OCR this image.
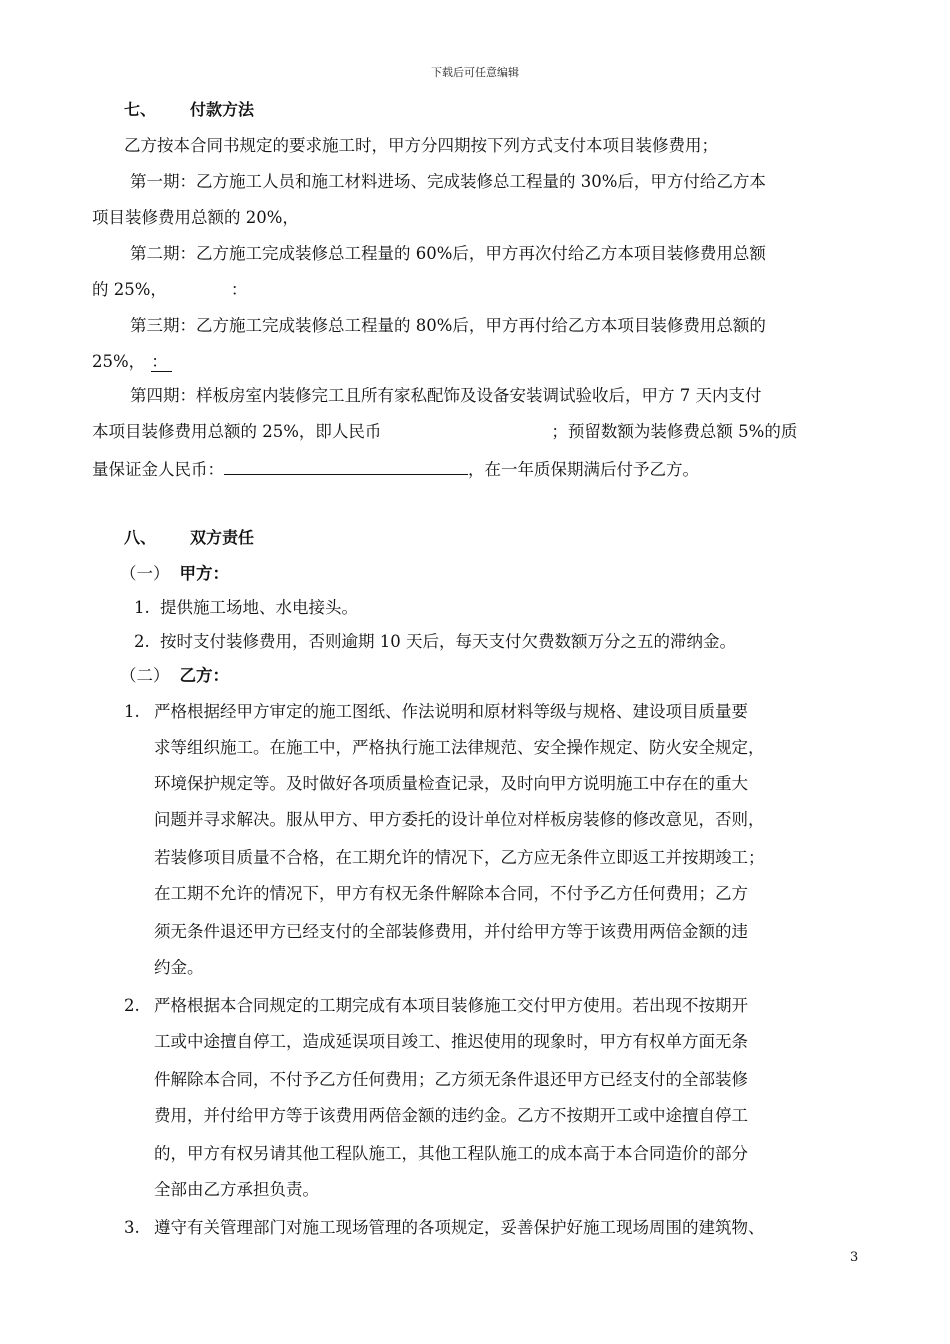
下载后可任意编辑
七、 付款方法
乙方按本合同书规定的要求施工时，甲方分四期按下列方式支付本项目装修费用；
第一期：乙方施工人员和施工材料进场、完成装修总工程量的 30%后，甲方付给乙方本
项目装修费用总额的 20%，
第二期：乙方施工完成装修总工程量的 60%后，甲方再次付给乙方本项目装修费用总额
的 25%，	：
第三期：乙方施工完成装修总工程量的 80%后，甲方再付给乙方本项目装修费用总额的
25%， ：
第四期：样板房室内装修完工且所有家私配饰及设备安装调试验收后，甲方 7 天内支付
本项目装修费用总额的 25%，即人民币	；预留数额为装修费总额 5%的质
量保证金人民币：	，在一年质保期满后付予乙方。
八、 双方责任
（一） 甲方：
1. 提供施工场地、水电接头。
2. 按时支付装修费用，否则逾期 10 天后，每天支付欠费数额万分之五的滞纳金。
（二） 乙方：
1. 严格根据经甲方审定的施工图纸、作法说明和原材料等级与规格、建设项目质量要
求等组织施工。在施工中，严格执行施工法律规范、安全操作规定、防火安全规定，
环境保护规定等。及时做好各项质量检查记录，及时向甲方说明施工中存在的重大
问题并寻求解决。服从甲方、甲方委托的设计单位对样板房装修的修改意见，否则，
若装修项目质量不合格，在工期允许的情况下，乙方应无条件立即返工并按期竣工；
在工期不允许的情况下，甲方有权无条件解除本合同，不付予乙方任何费用；乙方
须无条件退还甲方已经支付的全部装修费用，并付给甲方等于该费用两倍金额的违
约金。
2. 严格根据本合同规定的工期完成有本项目装修施工交付甲方使用。若出现不按期开
工或中途擅自停工，造成延误项目竣工、推迟使用的现象时，甲方有权单方面无条
件解除本合同，不付予乙方任何费用；乙方须无条件退还甲方已经支付的全部装修
费用，并付给甲方等于该费用两倍金额的违约金。乙方不按期开工或中途擅自停工
的，甲方有权另请其他工程队施工，其他工程队施工的成本高于本合同造价的部分
全部由乙方承担负责。
3. 遵守有关管理部门对施工现场管理的各项规定，妥善保护好施工现场周围的建筑物、
3
